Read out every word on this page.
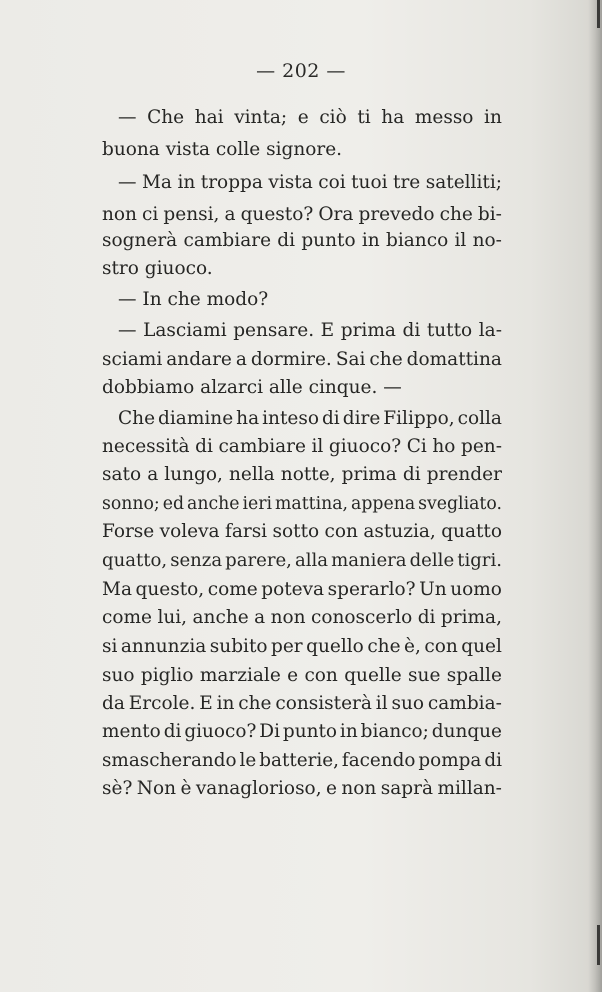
— 202 —
— Che hai vinta; e ciò ti ha messo in
buona vista colle signore.
— Ma in troppa vista coi tuoi tre satelliti;
non ci pensi, a questo? Ora prevedo che bi-
sognerà cambiare di punto in bianco il no-
stro giuoco.
— In che modo?
— Lasciami pensare. E prima di tutto la-
sciami andare a dormire. Sai che domattina
dobbiamo alzarci alle cinque. —
Che diamine ha inteso di dire Filippo, colla
necessità di cambiare il giuoco? Ci ho pen-
sato a lungo, nella notte, prima di prender
sonno; ed anche ieri mattina, appena svegliato.
Forse voleva farsi sotto con astuzia, quatto
quatto, senza parere, alla maniera delle tigri.
Ma questo, come poteva sperarlo? Un uomo
come lui, anche a non conoscerlo di prima,
si annunzia subito per quello che è, con quel
suo piglio marziale e con quelle sue spalle
da Ercole. E in che consisterà il suo cambia-
mento di giuoco? Di punto in bianco; dunque
smascherando le batterie, facendo pompa di
sè? Non è vanaglorioso, e non saprà millan-
